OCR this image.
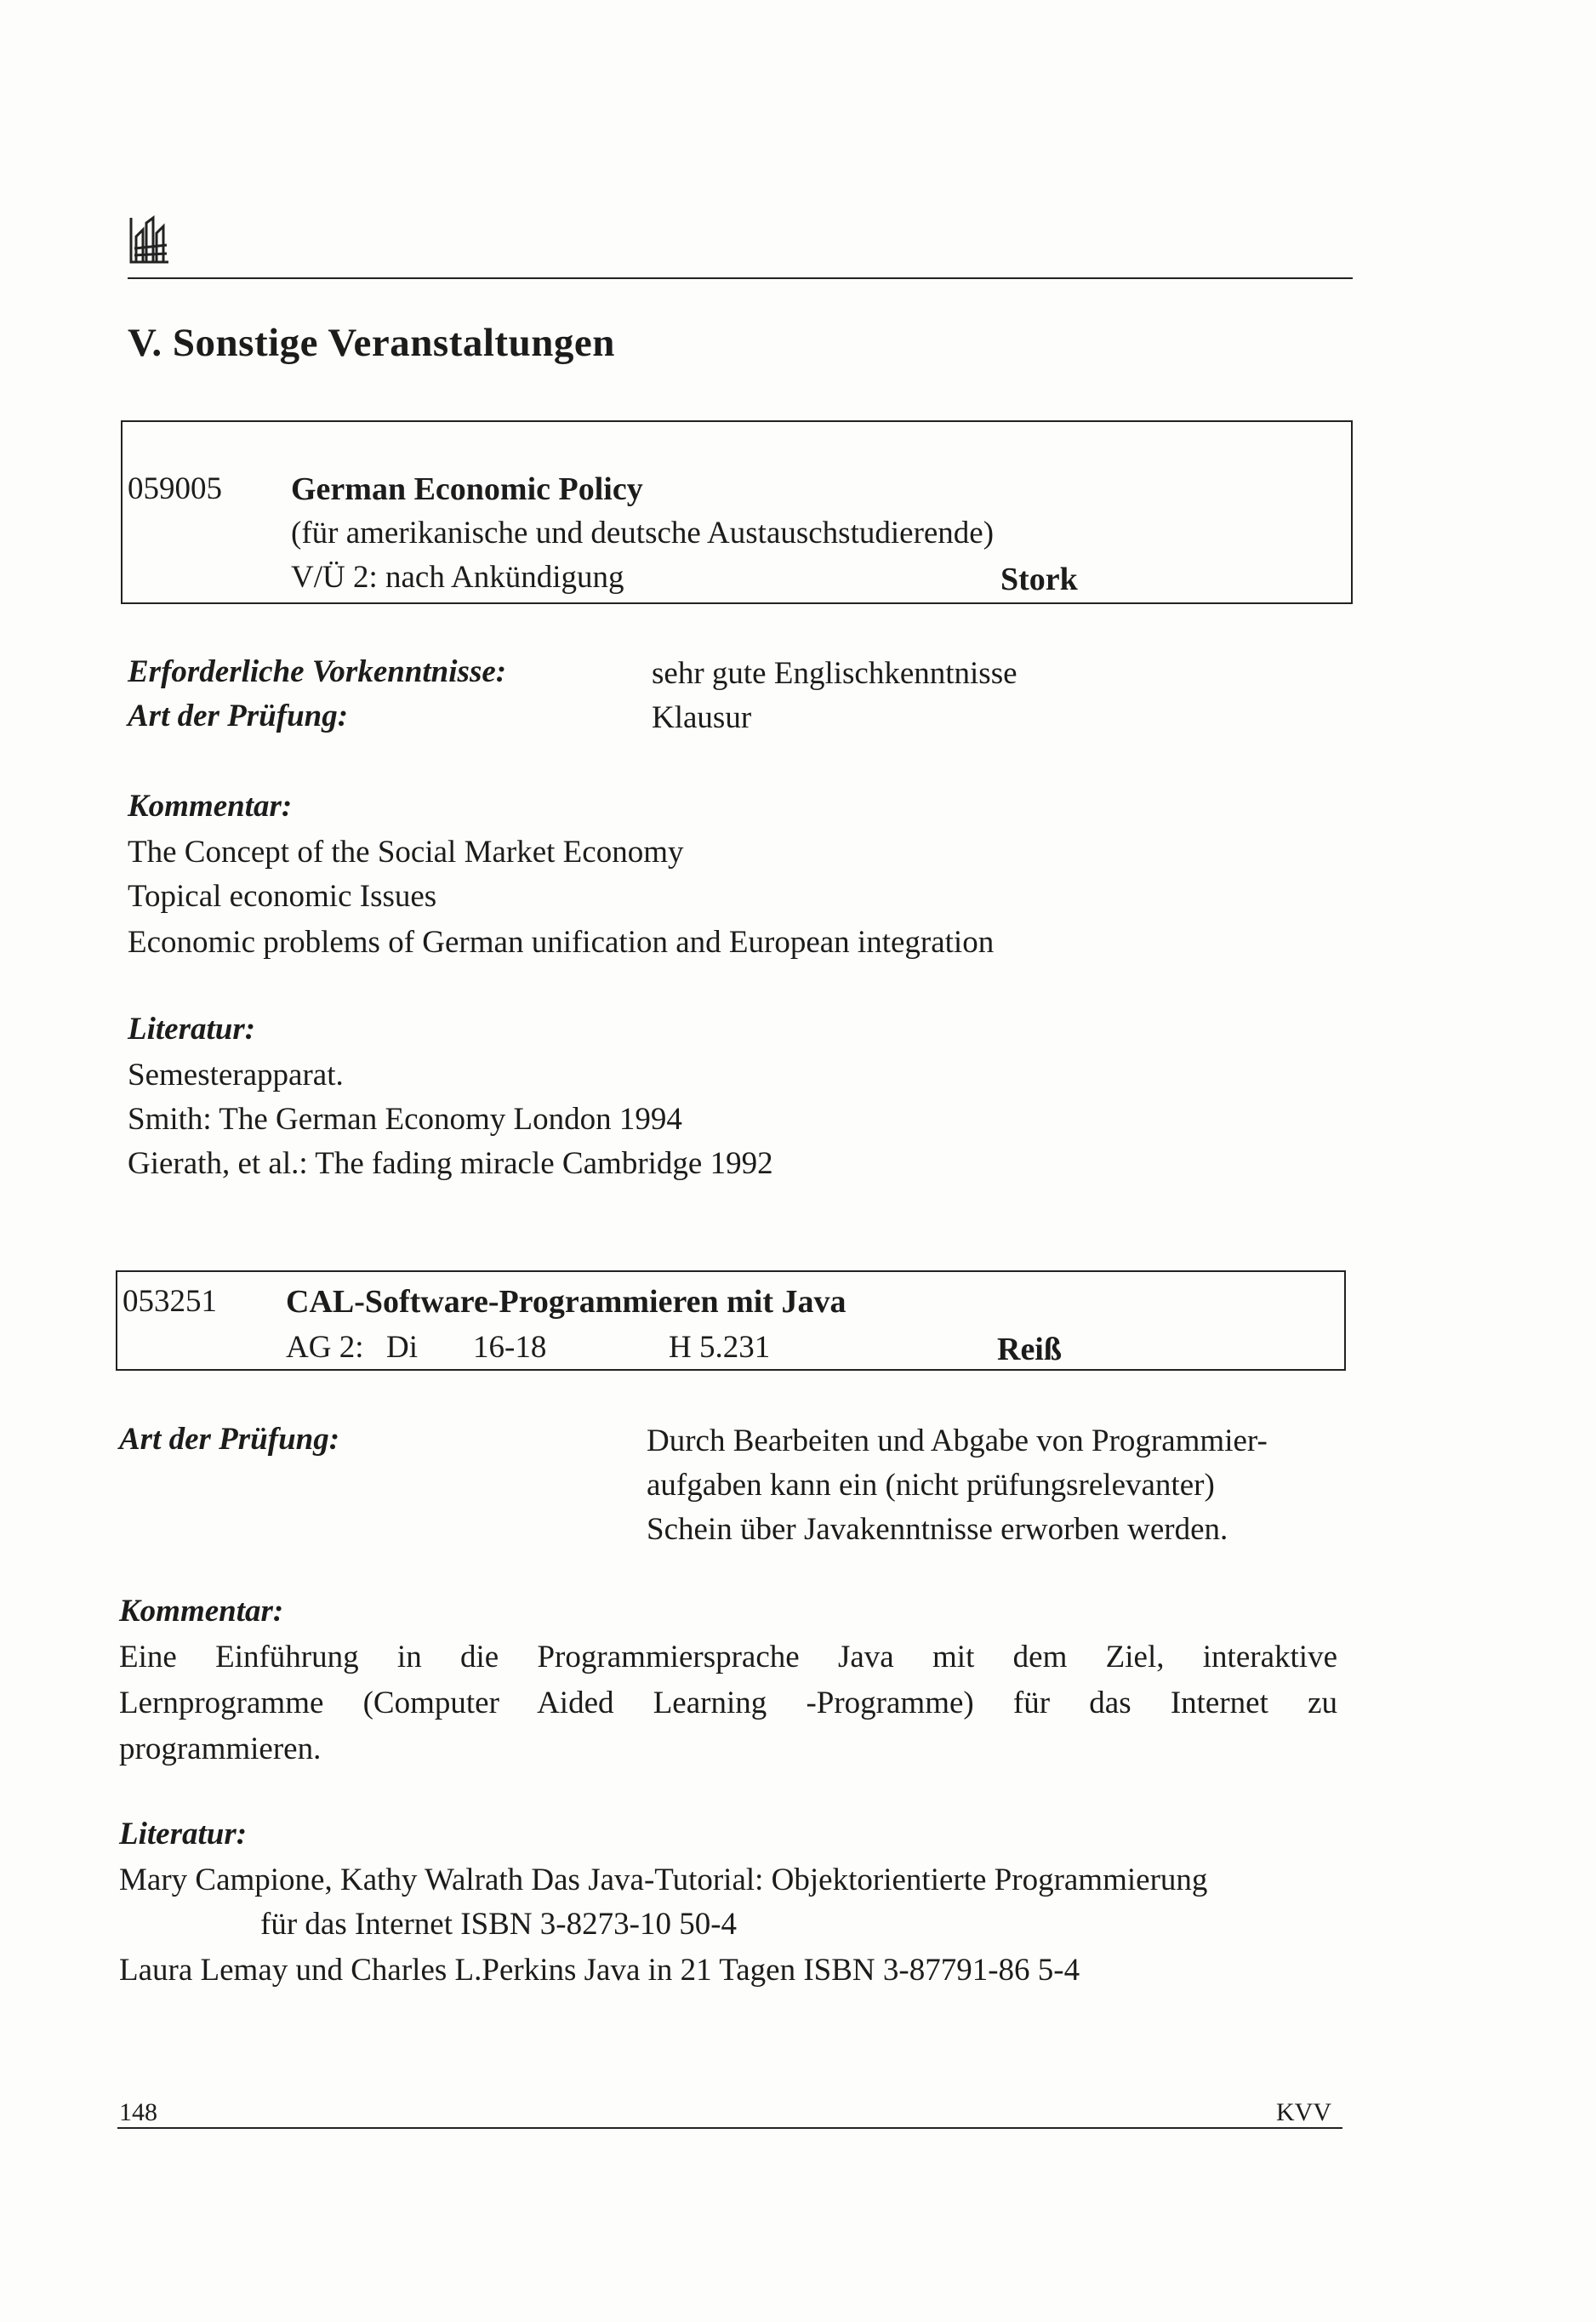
V. Sonstige Veranstaltungen
059005 German Economic Policy
(für amerikanische und deutsche Austauschstudierende)
V/Ü 2: nach Ankündigung	Stork
Erforderliche Vorkenntnisse:	sehr gute Englischkenntnisse
Art der Prüfung:	Klausur
Kommentar:
The Concept of the Social Market Economy
Topical economic Issues
Economic problems of German unification and European integration
Literatur:
Semesterapparat.
Smith: The German Economy London 1994
Gierath, et al.: The fading miracle Cambridge 1992
053251 CAL-Software-Programmieren mit Java
AG 2: Di 16-18	H 5.231	Reiß
Art der Prüfung:	Durch Bearbeiten und Abgabe von Programmier-
aufgaben kann ein (nicht prüfungsrelevanter)
Schein über Javakenntnisse erworben werden.
Kommentar:
Eine Einführung in die Programmiersprache Java mit dem Ziel, interaktive
Lernprogramme (Computer Aided Learning -Programme) für das Internet zu
programmieren.
Literatur:
Mary Campione, Kathy Walrath Das Java-Tutorial: Objektorientierte Programmierung
für das Internet ISBN 3-8273-10 50-4
Laura Lemay und Charles L.Perkins Java in 21 Tagen ISBN 3-87791-86 5-4
148	KVV
